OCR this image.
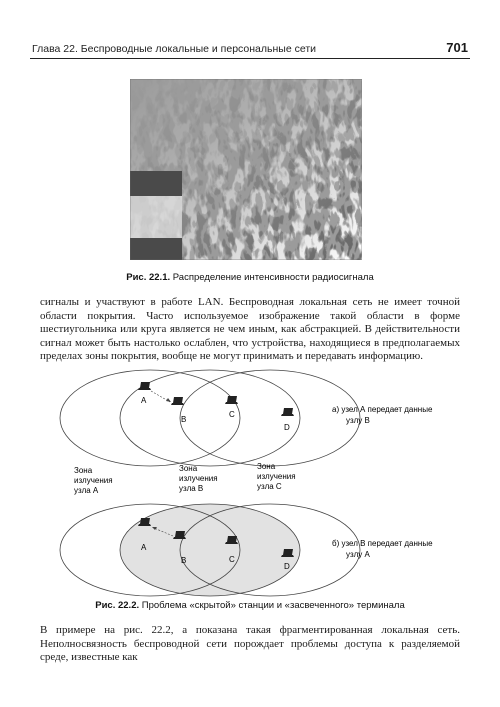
Глава 22. Беспроводные локальные и персональные сети	701
Рис. 22.1. Распределение интенсивности радиосигнала

сигналы и участвуют в работе LAN. Беспроводная локальная сеть не имеет точной области покрытия. Часто используемое изображение такой области в форме шестиугольника или круга является не чем иным, как абстракцией. В действительности сигнал может быть настолько ослаблен, что устройства, находящиеся в предполагаемых пределах зоны покрытия, вообще не могут принимать и передавать информацию.

A
B
C
D
а) узел А передает данные
узлу В
Зона
излучения
узла А
Зона
излучения
узла В
Зона
излучения
узла С
A
B	C
D
б) узел В передает данные
узлу А
Рис. 22.2. Проблема «скрытой» станции и «засвеченного» терминала

В примере на рис. 22.2, а показана такая фрагментированная локальная сеть. Неполносвязность беспроводной сети порождает проблемы доступа к разделяемой среде, известные как
